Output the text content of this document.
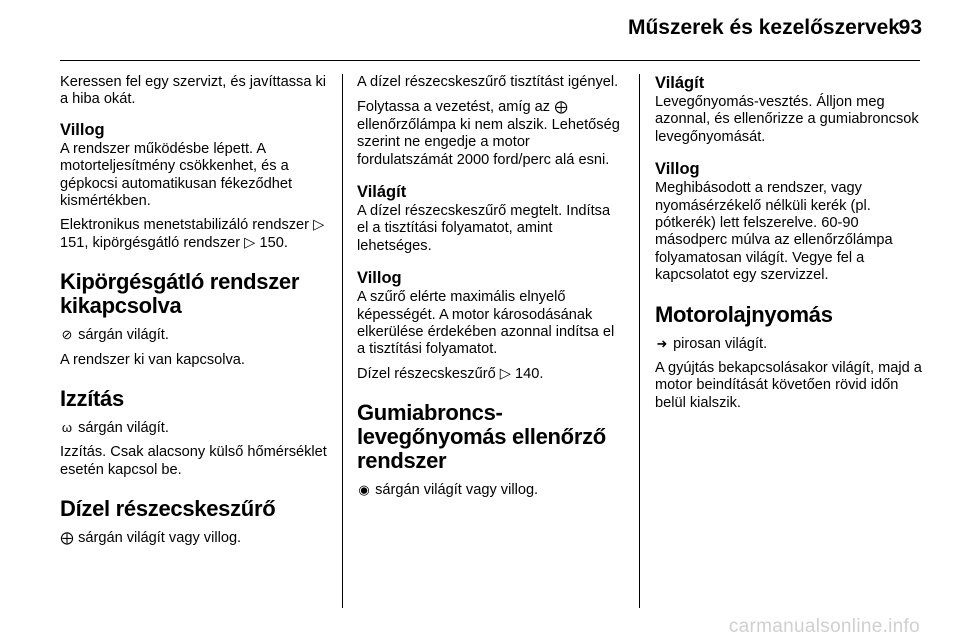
Műszerek és kezelőszervek
93

Keressen fel egy szervizt, és javíttassa ki a hiba okát.

Villog

A rendszer működésbe lépett. A motorteljesítmény csökkenhet, és a gépkocsi automatikusan fékeződhet kismértékben.

Elektronikus menetstabilizáló rendszer ▷ 151, kipörgésgátló rendszer ▷ 150.

Kipörgésgátló rendszer kikapcsolva

⊘ sárgán világít.

A rendszer ki van kapcsolva.

Izzítás

ω sárgán világít.

Izzítás. Csak alacsony külső hőmérséklet esetén kapcsol be.

Dízel részecskeszűrő

⨁ sárgán világít vagy villog.

A dízel részecskeszűrő tisztítást igényel.

Folytassa a vezetést, amíg az ⨁ ellenőrzőlámpa ki nem alszik. Lehetőség szerint ne engedje a motor fordulatszámát 2000 ford/perc alá esni.

Világít

A dízel részecskeszűrő megtelt. Indítsa el a tisztítási folyamatot, amint lehetséges.

Villog

A szűrő elérte maximális elnyelő képességét. A motor károsodásának elkerülése érdekében azonnal indítsa el a tisztítási folyamatot.

Dízel részecskeszűrő ▷ 140.

Gumiabroncs-levegőnyomás ellenőrző rendszer

◉ sárgán világít vagy villog.

Világít

Levegőnyomás-vesztés. Álljon meg azonnal, és ellenőrizze a gumiabroncsok levegőnyomását.

Villog

Meghibásodott a rendszer, vagy nyomásérzékelő nélküli kerék (pl. pótkerék) lett felszerelve. 60-90 másodperc múlva az ellenőrzőlámpa folyamatosan világít. Vegye fel a kapcsolatot egy szervizzel.

Motorolajnyomás

➜ pirosan világít.

A gyújtás bekapcsolásakor világít, majd a motor beindítását követően rövid időn belül kialszik.

carmanualsonline.info
